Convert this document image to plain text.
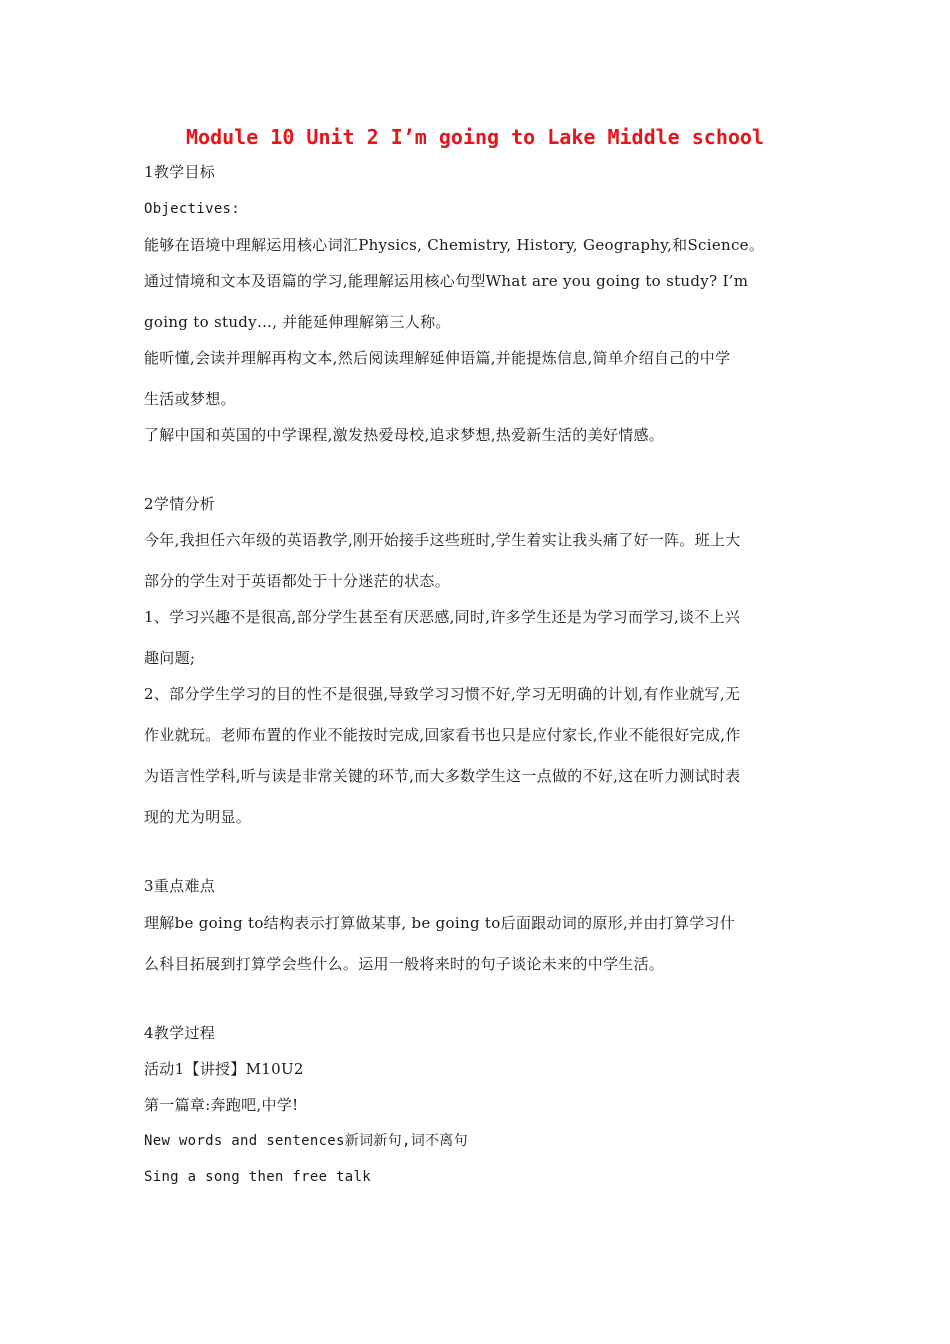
Module 10 Unit 2 I’m going to Lake Middle school
1教学目标
Objectives:
能够在语境中理解运用核心词汇Physics, Chemistry, History, Geography,和Science。
通过情境和文本及语篇的学习,能理解运用核心句型What are you going to study? I’m
going to study…, 并能延伸理解第三人称。
能听懂,会读并理解再构文本,然后阅读理解延伸语篇,并能提炼信息,简单介绍自己的中学
生活或梦想。
了解中国和英国的中学课程,激发热爱母校,追求梦想,热爱新生活的美好情感。
2学情分析
今年,我担任六年级的英语教学,刚开始接手这些班时,学生着实让我头痛了好一阵。班上大
部分的学生对于英语都处于十分迷茫的状态。
1、学习兴趣不是很高,部分学生甚至有厌恶感,同时,许多学生还是为学习而学习,谈不上兴
趣问题;
2、部分学生学习的目的性不是很强,导致学习习惯不好,学习无明确的计划,有作业就写,无
作业就玩。老师布置的作业不能按时完成,回家看书也只是应付家长,作业不能很好完成,作
为语言性学科,听与读是非常关键的环节,而大多数学生这一点做的不好,这在听力测试时表
现的尤为明显。
3重点难点
理解be going to结构表示打算做某事, be going to后面跟动词的原形,并由打算学习什
么科目拓展到打算学会些什么。运用一般将来时的句子谈论未来的中学生活。
4教学过程
活动1【讲授】M10U2
第一篇章:奔跑吧,中学!
New words and sentences新词新句,词不离句
Sing a song then free talk
